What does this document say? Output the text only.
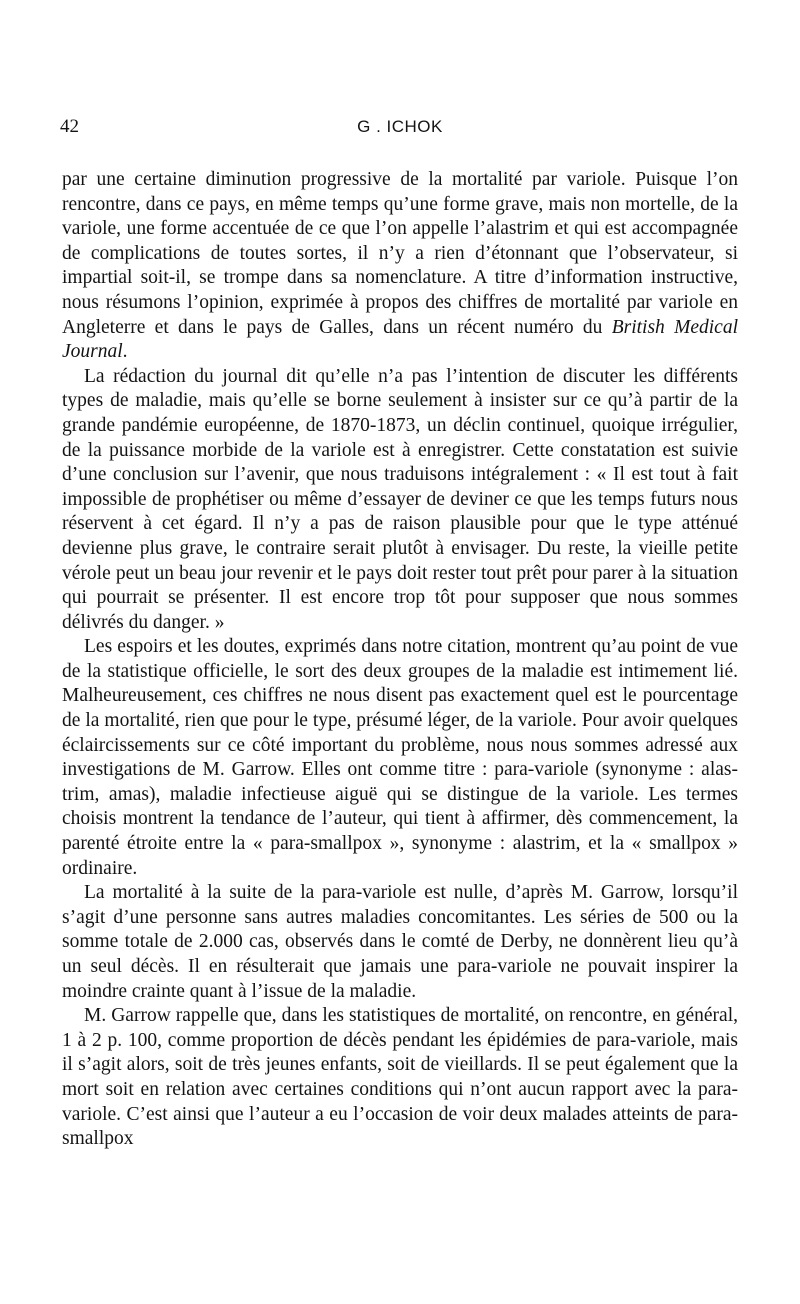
42	G . ICHOK

par une certaine diminution progressive de la mortalité par variole. Puisque l’on rencontre, dans ce pays, en même temps qu’une forme grave, mais non mortelle, de la variole, une forme accentuée de ce que l’on appelle l’alastrim et qui est accompagnée de complications de toutes sortes, il n’y a rien d’étonnant que l’observateur, si impartial soit-il, se trompe dans sa nomenclature. A titre d’information instructive, nous résumons l’opinion, exprimée à propos des chiffres de mortalité par variole en Angleterre et dans le pays de Galles, dans un récent numéro du British Medical Journal.

La rédaction du journal dit qu’elle n’a pas l’intention de discuter les différents types de maladie, mais qu’elle se borne seulement à insister sur ce qu’à partir de la grande pandémie européenne, de 1870-1873, un déclin continuel, quoique irrégulier, de la puissance morbide de la variole est à enregistrer. Cette constatation est suivie d’une conclusion sur l’avenir, que nous traduisons intégralement : « Il est tout à fait impossible de prophétiser ou même d’essayer de deviner ce que les temps futurs nous réservent à cet égard. Il n’y a pas de raison plausible pour que le type atténué devienne plus grave, le contraire serait plutôt à envisager. Du reste, la vieille petite vérole peut un beau jour revenir et le pays doit rester tout prêt pour parer à la situation qui pourrait se présenter. Il est encore trop tôt pour supposer que nous sommes délivrés du danger. »

Les espoirs et les doutes, exprimés dans notre citation, montrent qu’au point de vue de la statistique officielle, le sort des deux groupes de la maladie est intimement lié. Malheureusement, ces chiffres ne nous disent pas exactement quel est le pourcentage de la mortalité, rien que pour le type, présumé léger, de la variole. Pour avoir quelques éclaircissements sur ce côté important du problème, nous nous sommes adressé aux investigations de M. Garrow. Elles ont comme titre : para-variole (synonyme : alastrim, amas), maladie infectieuse aiguë qui se distingue de la variole. Les termes choisis montrent la tendance de l’auteur, qui tient à affirmer, dès commencement, la parenté étroite entre la « para-smallpox », synonyme : alastrim, et la « smallpox » ordinaire.

La mortalité à la suite de la para-variole est nulle, d’après M. Garrow, lorsqu’il s’agit d’une personne sans autres maladies concomitantes. Les séries de 500 ou la somme totale de 2.000 cas, observés dans le comté de Derby, ne donnèrent lieu qu’à un seul décès. Il en résulterait que jamais une para-variole ne pouvait inspirer la moindre crainte quant à l’issue de la maladie.

M. Garrow rappelle que, dans les statistiques de mortalité, on rencontre, en général, 1 à 2 p. 100, comme proportion de décès pendant les épidémies de para-variole, mais il s’agit alors, soit de très jeunes enfants, soit de vieillards. Il se peut également que la mort soit en relation avec certaines conditions qui n’ont aucun rapport avec la para-variole. C’est ainsi que l’auteur a eu l’occasion de voir deux malades atteints de para-smallpox
